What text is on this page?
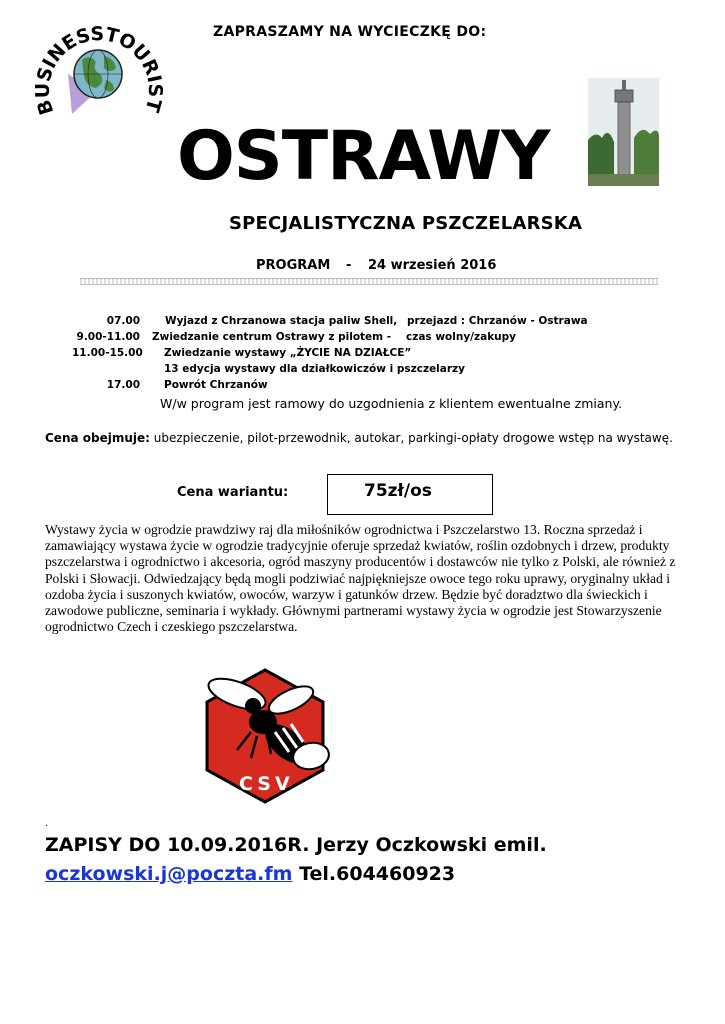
BUSINESSTOURIST
ZAPRASZAMY NA WYCIECZKĘ DO:
OSTRAWY
SPECJALISTYCZNA PSZCZELARSKA
PROGRAM - 24 wrzesień 2016
07.00 Wyjazd z Chrzanowa stacja paliw Shell, przejazd : Chrzanów - Ostrawa
9.00-11.00 Zwiedzanie centrum Ostrawy z pilotem - czas wolny/zakupy
11.00-15.00 Zwiedzanie wystawy „ŻYCIE NA DZIAŁCE”
13 edycja wystawy dla działkowiczów i pszczelarzy
17.00 Powrót Chrzanów
W/w program jest ramowy do uzgodnienia z klientem ewentualne zmiany.
Cena obejmuje: ubezpieczenie, pilot-przewodnik, autokar, parkingi-opłaty drogowe wstęp na wystawę.
Cena wariantu:	75zł/os
Wystawy życia w ogrodzie prawdziwy raj dla miłośników ogrodnictwa i Pszczelarstwo 13. Roczna sprzedaż i zamawiający wystawa życie w ogrodzie tradycyjnie oferuje sprzedaż kwiatów, roślin ozdobnych i drzew, produkty pszczelarstwa i ogrodnictwo i akcesoria, ogród maszyny producentów i dostawców nie tylko z Polski, ale również z Polski i Słowacji. Odwiedzający będą mogli podziwiać najpiękniejsze owoce tego roku uprawy, oryginalny układ i ozdoba życia i suszonych kwiatów, owoców, warzyw i gatunków drzew. Będzie być doradztwo dla świeckich i zawodowe publiczne, seminaria i wykłady. Głównymi partnerami wystawy życia w ogrodzie jest Stowarzyszenie ogrodnictwo Czech i czeskiego pszczelarstwa.
CSV
.
ZAPISY DO 10.09.2016R. Jerzy Oczkowski emil.
oczkowski.j@poczta.fm Tel.604460923
